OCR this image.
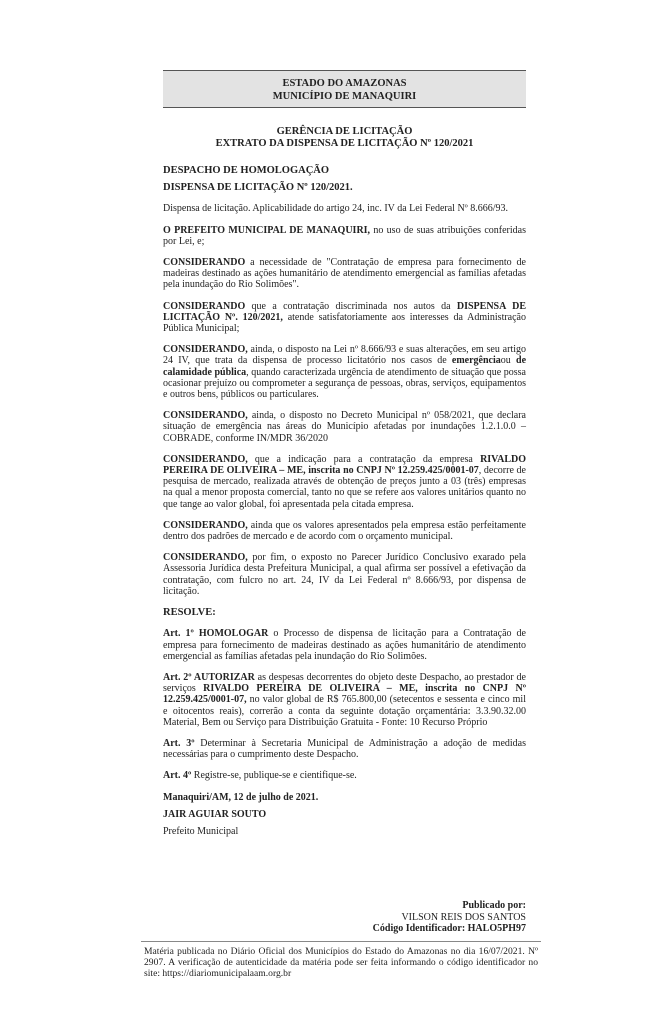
ESTADO DO AMAZONAS
MUNICÍPIO DE MANAQUIRI
GERÊNCIA DE LICITAÇÃO
EXTRATO DA DISPENSA DE LICITAÇÃO Nº 120/2021

DESPACHO DE HOMOLOGAÇÃO

DISPENSA DE LICITAÇÃO Nº 120/2021.

Dispensa de licitação. Aplicabilidade do artigo 24, inc. IV da Lei Federal Nº 8.666/93.

O PREFEITO MUNICIPAL DE MANAQUIRI, no uso de suas atribuições conferidas por Lei, e;

CONSIDERANDO a necessidade de "Contratação de empresa para fornecimento de madeiras destinado as ações humanitário de atendimento emergencial as famílias afetadas pela inundação do Rio Solimões".

CONSIDERANDO que a contratação discriminada nos autos da DISPENSA DE LICITAÇÃO Nº. 120/2021, atende satisfatoriamente aos interesses da Administração Pública Municipal;

CONSIDERANDO, ainda, o disposto na Lei nº 8.666/93 e suas alterações, em seu artigo 24 IV, que trata da dispensa de processo licitatório nos casos de emergênciaou de calamidade pública, quando caracterizada urgência de atendimento de situação que possa ocasionar prejuízo ou comprometer a segurança de pessoas, obras, serviços, equipamentos e outros bens, públicos ou particulares.

CONSIDERANDO, ainda, o disposto no Decreto Municipal nº 058/2021, que declara situação de emergência nas áreas do Município afetadas por inundações 1.2.1.0.0 – COBRADE, conforme IN/MDR 36/2020

CONSIDERANDO, que a indicação para a contratação da empresa RIVALDO PEREIRA DE OLIVEIRA – ME, inscrita no CNPJ Nº 12.259.425/0001-07, decorre de pesquisa de mercado, realizada através de obtenção de preços junto a 03 (três) empresas na qual a menor proposta comercial, tanto no que se refere aos valores unitários quanto no que tange ao valor global, foi apresentada pela citada empresa.

CONSIDERANDO, ainda que os valores apresentados pela empresa estão perfeitamente dentro dos padrões de mercado e de acordo com o orçamento municipal.

CONSIDERANDO, por fim, o exposto no Parecer Jurídico Conclusivo exarado pela Assessoria Jurídica desta Prefeitura Municipal, a qual afirma ser possível a efetivação da contratação, com fulcro no art. 24, IV da Lei Federal nº 8.666/93, por dispensa de licitação.

RESOLVE:

Art. 1º HOMOLOGAR o Processo de dispensa de licitação para a Contratação de empresa para fornecimento de madeiras destinado as ações humanitário de atendimento emergencial as famílias afetadas pela inundação do Rio Solimões.

Art. 2º AUTORIZAR as despesas decorrentes do objeto deste Despacho, ao prestador de serviços RIVALDO PEREIRA DE OLIVEIRA – ME, inscrita no CNPJ Nº 12.259.425/0001-07, no valor global de R$ 765.800,00 (setecentos e sessenta e cinco mil e oitocentos reais), correrão a conta da seguinte dotação orçamentária: 3.3.90.32.00 Material, Bem ou Serviço para Distribuição Gratuita - Fonte: 10 Recurso Próprio

Art. 3º Determinar à Secretaria Municipal de Administração a adoção de medidas necessárias para o cumprimento deste Despacho.

Art. 4º Registre-se, publique-se e cientifique-se.

Manaquiri/AM, 12 de julho de 2021.

JAIR AGUIAR SOUTO

Prefeito Municipal

Publicado por:
VILSON REIS DOS SANTOS
Código Identificador: HALO5PH97
Matéria publicada no Diário Oficial dos Municípios do Estado do Amazonas no dia 16/07/2021. Nº 2907. A verificação de autenticidade da matéria pode ser feita informando o código identificador no site: https://diariomunicipalaam.org.br
